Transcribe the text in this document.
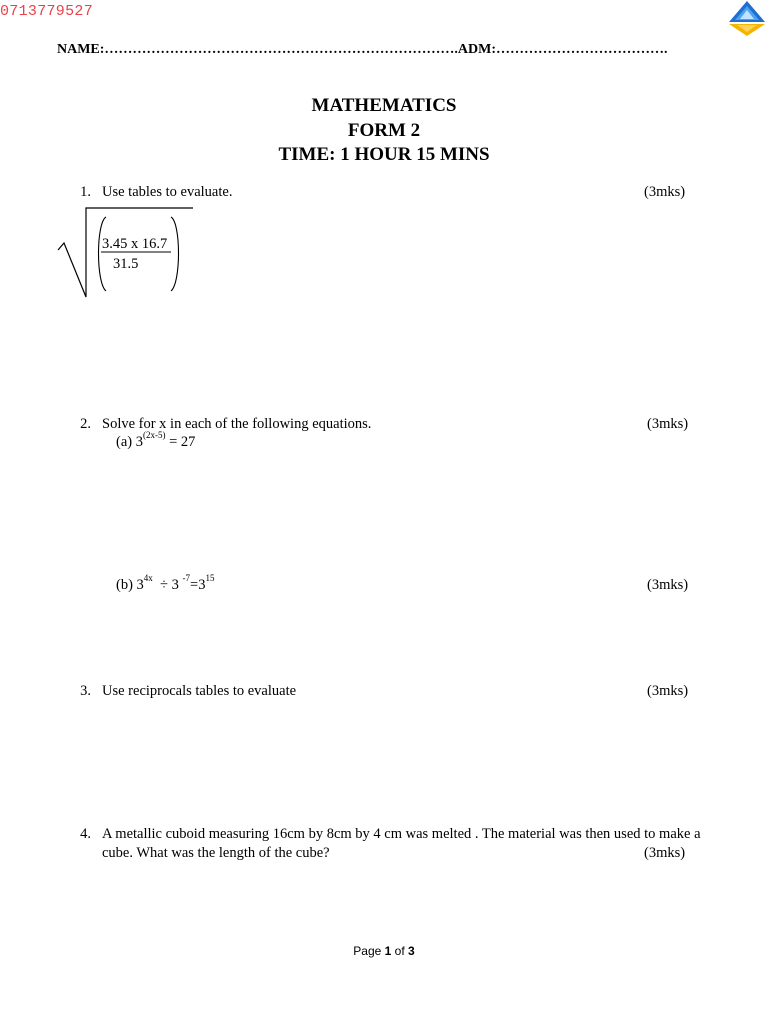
0713779527
NAME:………………………………………………………………….ADM:……………………………….
MATHEMATICS
FORM 2
TIME: 1 HOUR 15 MINS
1. Use tables to evaluate.	(3mks)
3.45 x 16.7
31.5
2. Solve for x in each of the following equations.	(3mks)
(a) $3^{(2x-5)} = 27$
(b) $3^{4x} \div 3$ $^{-7}=3^{15}$	(3mks)
3. Use reciprocals tables to evaluate	(3mks)
4. A metallic cuboid measuring 16cm by 8cm by 4 cm was melted . The material was then used to make a
cube. What was the length of the cube?	(3mks)
Page 1 of 3
